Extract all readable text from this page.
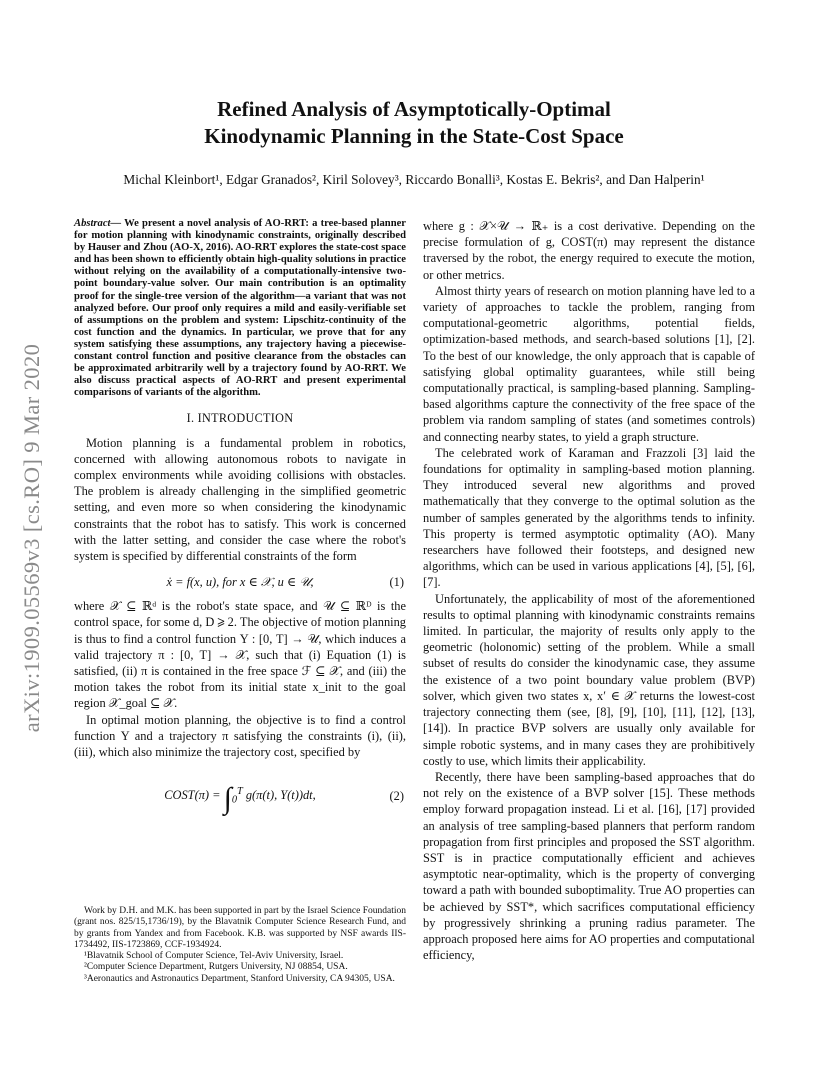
arXiv:1909.05569v3 [cs.RO] 9 Mar 2020
Refined Analysis of Asymptotically-Optimal
Kinodynamic Planning in the State-Cost Space
Michal Kleinbort¹, Edgar Granados², Kiril Solovey³, Riccardo Bonalli³, Kostas E. Bekris², and Dan Halperin¹

Abstract— We present a novel analysis of AO-RRT: a tree-based planner for motion planning with kinodynamic constraints, originally described by Hauser and Zhou (AO-X, 2016). AO-RRT explores the state-cost space and has been shown to efficiently obtain high-quality solutions in practice without relying on the availability of a computationally-intensive two-point boundary-value solver. Our main contribution is an optimality proof for the single-tree version of the algorithm—a variant that was not analyzed before. Our proof only requires a mild and easily-verifiable set of assumptions on the problem and system: Lipschitz-continuity of the cost function and the dynamics. In particular, we prove that for any system satisfying these assumptions, any trajectory having a piecewise-constant control function and positive clearance from the obstacles can be approximated arbitrarily well by a trajectory found by AO-RRT. We also discuss practical aspects of AO-RRT and present experimental comparisons of variants of the algorithm.

I. INTRODUCTION

Motion planning is a fundamental problem in robotics, concerned with allowing autonomous robots to navigate in complex environments while avoiding collisions with obstacles. The problem is already challenging in the simplified geometric setting, and even more so when considering the kinodynamic constraints that the robot has to satisfy. This work is concerned with the latter setting, and consider the case where the robot's system is specified by differential constraints of the form

ẋ = f(x, u), for x ∈ 𝒳, u ∈ 𝒰,	(1)

where 𝒳 ⊆ ℝᵈ is the robot's state space, and 𝒰 ⊆ ℝᴰ is the control space, for some d, D ⩾ 2. The objective of motion planning is thus to find a control function Υ : [0, T] → 𝒰, which induces a valid trajectory π : [0, T] → 𝒳, such that (i) Equation (1) is satisfied, (ii) π is contained in the free space ℱ ⊆ 𝒳, and (iii) the motion takes the robot from its initial state x_init to the goal region 𝒳_goal ⊆ 𝒳.

In optimal motion planning, the objective is to find a control function Υ and a trajectory π satisfying the constraints (i), (ii), (iii), which also minimize the trajectory cost, specified by

COST(π) = $\int_0^T$ g(π(t), Υ(t))dt,	(2)

Work by D.H. and M.K. has been supported in part by the Israel Science Foundation (grant nos. 825/15,1736/19), by the Blavatnik Computer Science Research Fund, and by grants from Yandex and from Facebook. K.B. was supported by NSF awards IIS-1734492, IIS-1723869, CCF-1934924.

¹Blavatnik School of Computer Science, Tel-Aviv University, Israel.

²Computer Science Department, Rutgers University, NJ 08854, USA.

³Aeronautics and Astronautics Department, Stanford University, CA 94305, USA.

where g : 𝒳×𝒰 → ℝ₊ is a cost derivative. Depending on the precise formulation of g, COST(π) may represent the distance traversed by the robot, the energy required to execute the motion, or other metrics.

Almost thirty years of research on motion planning have led to a variety of approaches to tackle the problem, ranging from computational-geometric algorithms, potential fields, optimization-based methods, and search-based solutions [1], [2]. To the best of our knowledge, the only approach that is capable of satisfying global optimality guarantees, while still being computationally practical, is sampling-based planning. Sampling-based algorithms capture the connectivity of the free space of the problem via random sampling of states (and sometimes controls) and connecting nearby states, to yield a graph structure.

The celebrated work of Karaman and Frazzoli [3] laid the foundations for optimality in sampling-based motion planning. They introduced several new algorithms and proved mathematically that they converge to the optimal solution as the number of samples generated by the algorithms tends to infinity. This property is termed asymptotic optimality (AO). Many researchers have followed their footsteps, and designed new algorithms, which can be used in various applications [4], [5], [6], [7].

Unfortunately, the applicability of most of the aforementioned results to optimal planning with kinodynamic constraints remains limited. In particular, the majority of results only apply to the geometric (holonomic) setting of the problem. While a small subset of results do consider the kinodynamic case, they assume the existence of a two point boundary value problem (BVP) solver, which given two states x, x′ ∈ 𝒳 returns the lowest-cost trajectory connecting them (see, [8], [9], [10], [11], [12], [13], [14]). In practice BVP solvers are usually only available for simple robotic systems, and in many cases they are prohibitively costly to use, which limits their applicability.

Recently, there have been sampling-based approaches that do not rely on the existence of a BVP solver [15]. These methods employ forward propagation instead. Li et al. [16], [17] provided an analysis of tree sampling-based planners that perform random propagation from first principles and proposed the SST algorithm. SST is in practice computationally efficient and achieves asymptotic near-optimality, which is the property of converging toward a path with bounded suboptimality. True AO properties can be achieved by SST*, which sacrifices computational efficiency by progressively shrinking a pruning radius parameter. The approach proposed here aims for AO properties and computational efficiency,
